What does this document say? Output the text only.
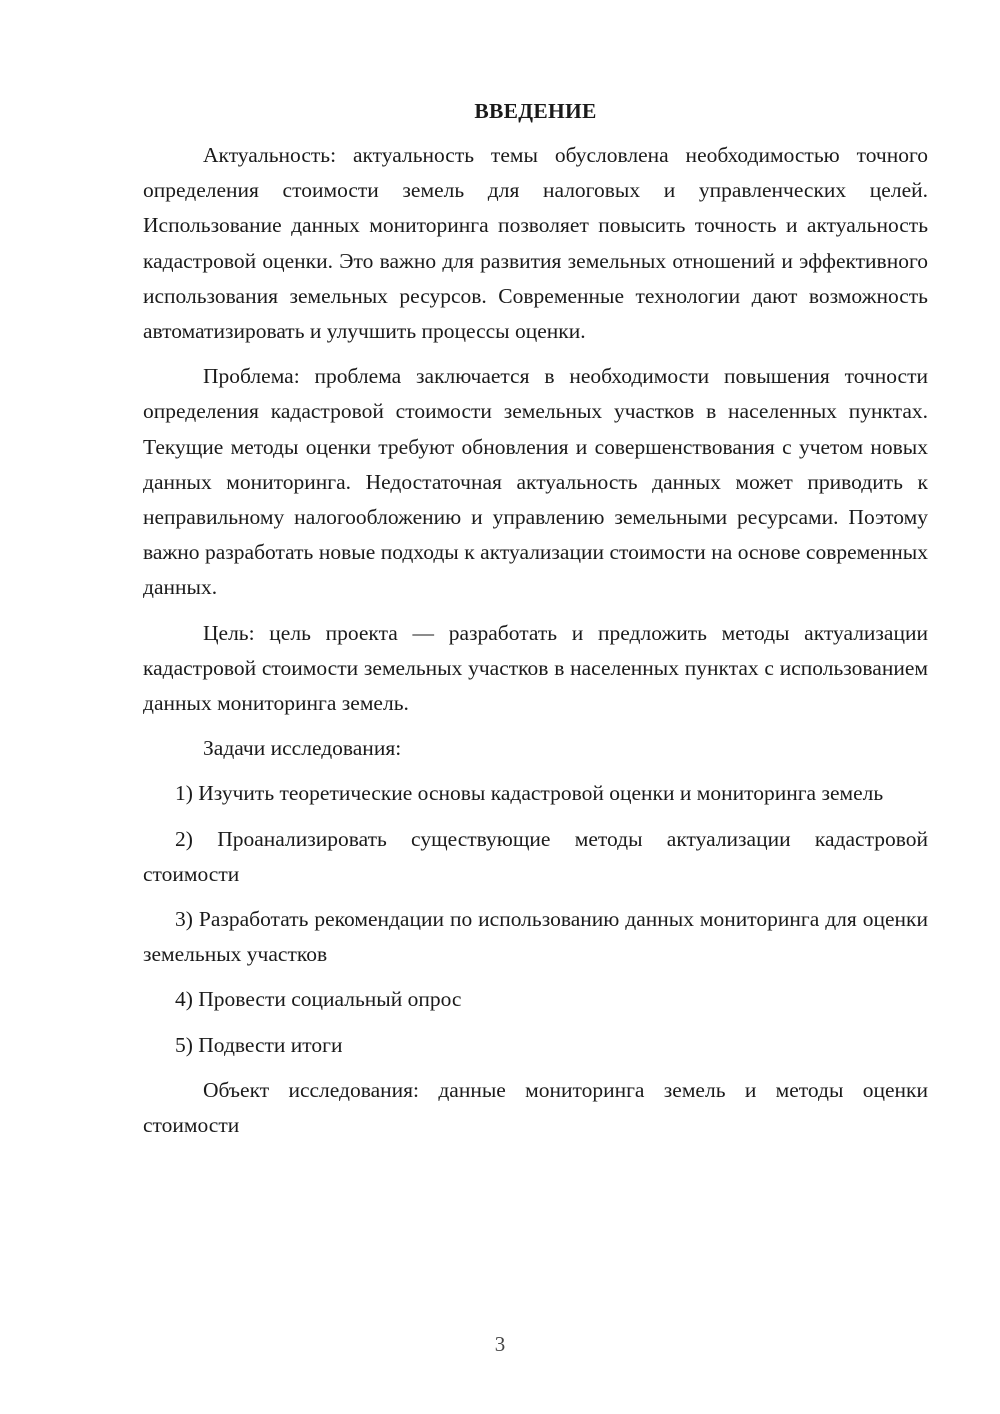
ВВЕДЕНИЕ

Актуальность: актуальность темы обусловлена необходимостью точного определения стоимости земель для налоговых и управленческих целей. Использование данных мониторинга позволяет повысить точность и актуальность кадастровой оценки. Это важно для развития земельных отношений и эффективного использования земельных ресурсов. Современные технологии дают возможность автоматизировать и улучшить процессы оценки.

Проблема: проблема заключается в необходимости повышения точности определения кадастровой стоимости земельных участков в населенных пунктах. Текущие методы оценки требуют обновления и совершенствования с учетом новых данных мониторинга. Недостаточная актуальность данных может приводить к неправильному налогообложению и управлению земельными ресурсами. Поэтому важно разработать новые подходы к актуализации стоимости на основе современных данных.

Цель: цель проекта — разработать и предложить методы актуализации кадастровой стоимости земельных участков в населенных пунктах с использованием данных мониторинга земель.

Задачи исследования:

1) Изучить теоретические основы кадастровой оценки и мониторинга земель

2) Проанализировать существующие методы актуализации кадастровой стоимости

3) Разработать рекомендации по использованию данных мониторинга для оценки земельных участков

4) Провести социальный опрос

5) Подвести итоги

Объект исследования: данные мониторинга земель и методы оценки стоимости

3
